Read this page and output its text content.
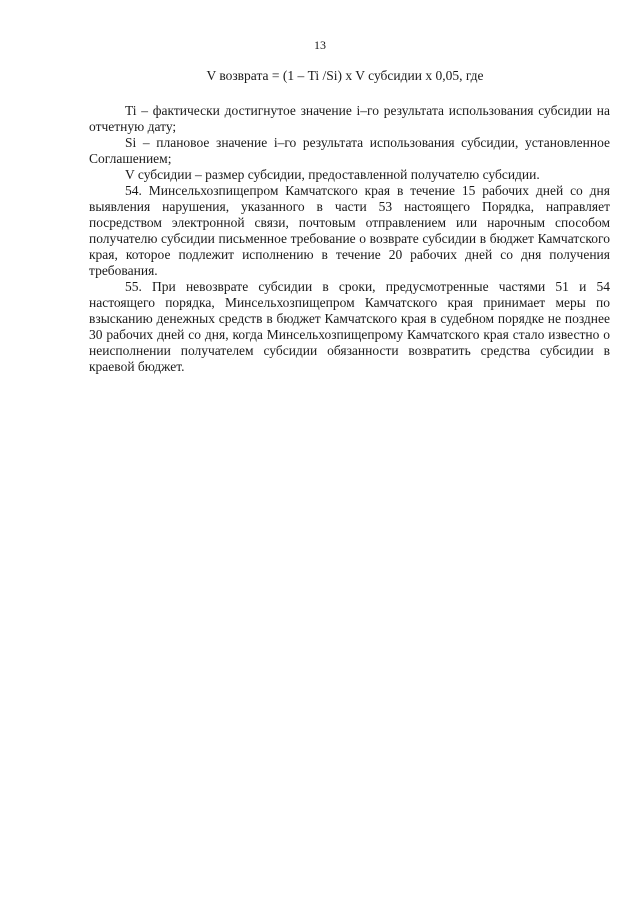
13
V возврата = (1 – Ti /Si) x V субсидии x 0,05, где

Ti – фактически достигнутое значение i–го результата использования субсидии на отчетную дату;

Si – плановое значение i–го результата использования субсидии, установленное Соглашением;

V субсидии – размер субсидии, предоставленной получателю субсидии.

54. Минсельхозпищепром Камчатского края в течение 15 рабочих дней со дня выявления нарушения, указанного в части 53 настоящего Порядка, направляет посредством электронной связи, почтовым отправлением или нарочным способом получателю субсидии письменное требование о возврате субсидии в бюджет Камчатского края, которое подлежит исполнению в течение 20 рабочих дней со дня получения требования.

55. При невозврате субсидии в сроки, предусмотренные частями 51 и 54 настоящего порядка, Минсельхозпищепром Камчатского края принимает меры по взысканию денежных средств в бюджет Камчатского края в судебном порядке не позднее 30 рабочих дней со дня, когда Минсельхозпищепрому Камчатского края стало известно о неисполнении получателем субсидии обязанности возвратить средства субсидии в краевой бюджет.
